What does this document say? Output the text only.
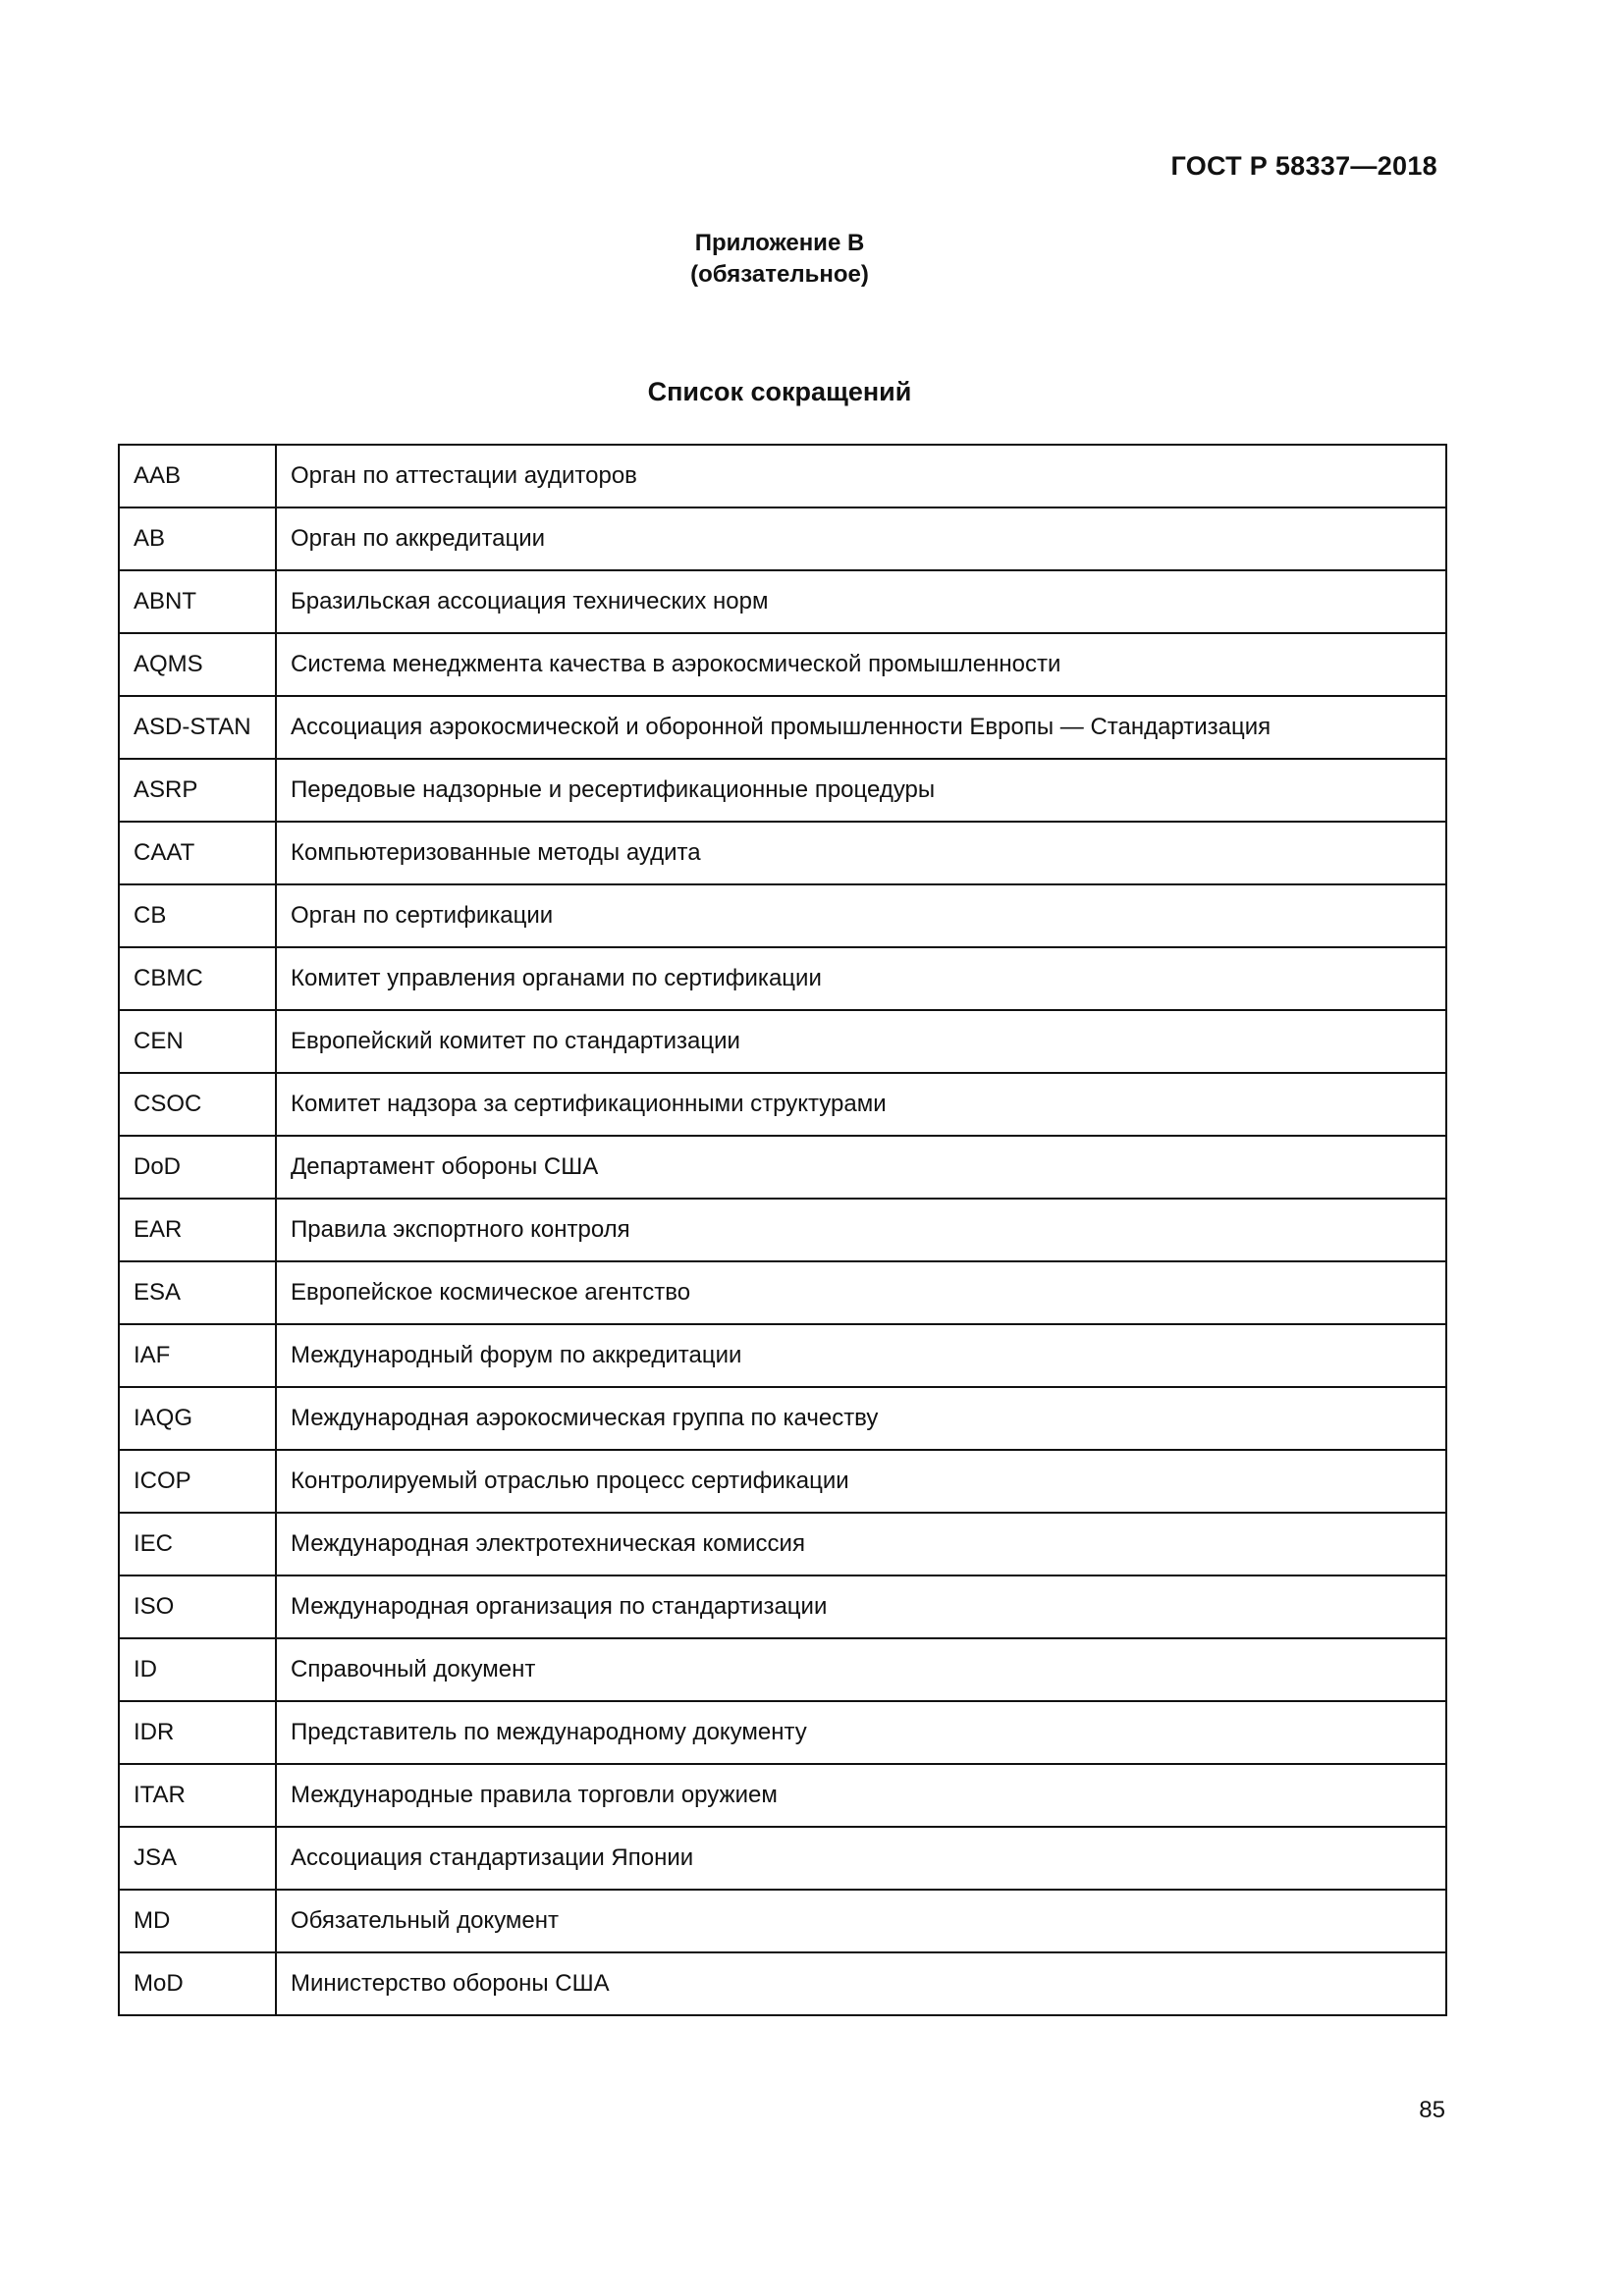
ГОСТ Р 58337—2018
Приложение В
(обязательное)
Список сокращений
AAB	Орган по аттестации аудиторов
AB	Орган по аккредитации
ABNT	Бразильская ассоциация технических норм
AQMS	Система менеджмента качества в аэрокосмической промышленности
ASD-STAN	Ассоциация аэрокосмической и оборонной промышленности Европы — Стандартизация
ASRP	Передовые надзорные и ресертификационные процедуры
CAAT	Компьютеризованные методы аудита
CB	Орган по сертификации
CBMC	Комитет управления органами по сертификации
CEN	Европейский комитет по стандартизации
CSOC	Комитет надзора за сертификационными структурами
DoD	Департамент обороны США
EAR	Правила экспортного контроля
ESA	Европейское космическое агентство
IAF	Международный форум по аккредитации
IAQG	Международная аэрокосмическая группа по качеству
ICOP	Контролируемый отраслью процесс сертификации
IEC	Международная электротехническая комиссия
ISO	Международная организация по стандартизации
ID	Справочный документ
IDR	Представитель по международному документу
ITAR	Международные правила торговли оружием
JSA	Ассоциация стандартизации Японии
MD	Обязательный документ
MoD	Министерство обороны США
85
